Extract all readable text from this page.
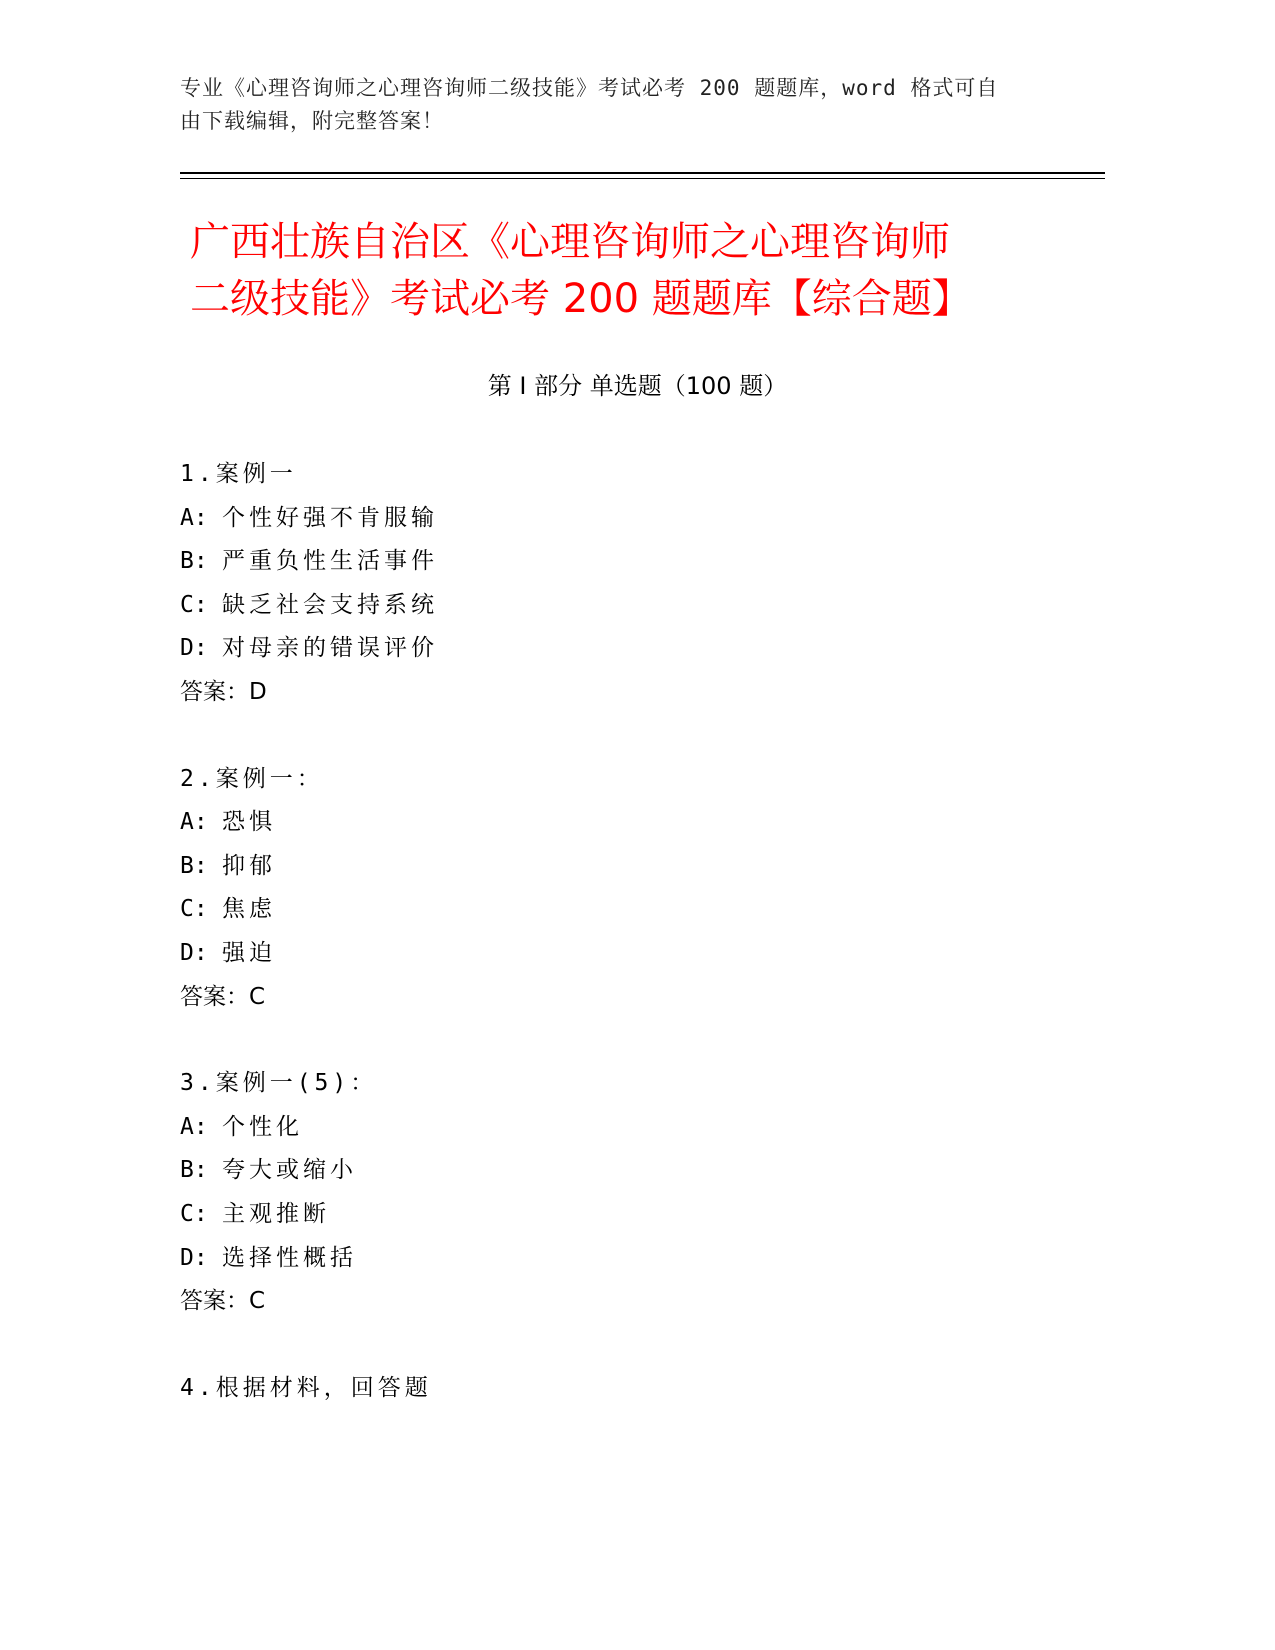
专业《心理咨询师之心理咨询师二级技能》考试必考 200 题题库，word 格式可自
由下载编辑，附完整答案！
广西壮族自治区《心理咨询师之心理咨询师
二级技能》考试必考 200 题题库【综合题】
第 I 部分 单选题（100 题）
1.案例一
A: 个性好强不肯服输
B: 严重负性生活事件
C: 缺乏社会支持系统
D: 对母亲的错误评价
答案：D
2.案例一：
A: 恐惧
B: 抑郁
C: 焦虑
D: 强迫
答案：C
3.案例一(5)：
A: 个性化
B: 夸大或缩小
C: 主观推断
D: 选择性概括
答案：C
4.根据材料，回答题
